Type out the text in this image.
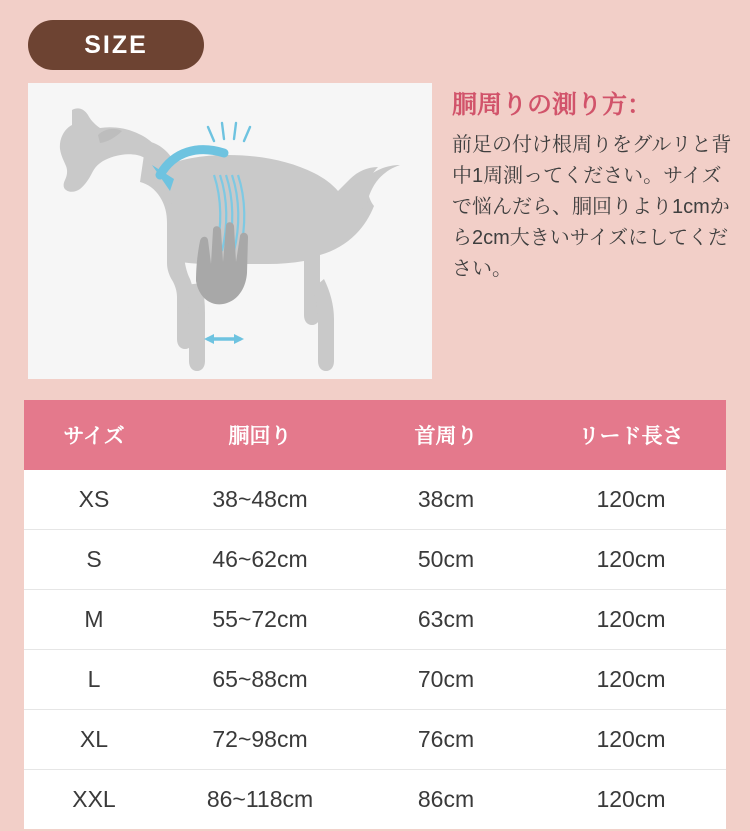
SIZE
胴周りの測り方：
前足の付け根周りをグルリと背中1周測ってください。サイズで悩んだら、胴回りより1cmから2cm大きいサイズにしてください。
サイズ	胴回り	首周り	リード長さ
XS	38~48cm	38cm	120cm
S	46~62cm	50cm	120cm
M	55~72cm	63cm	120cm
L	65~88cm	70cm	120cm
XL	72~98cm	76cm	120cm
XXL	86~118cm	86cm	120cm
